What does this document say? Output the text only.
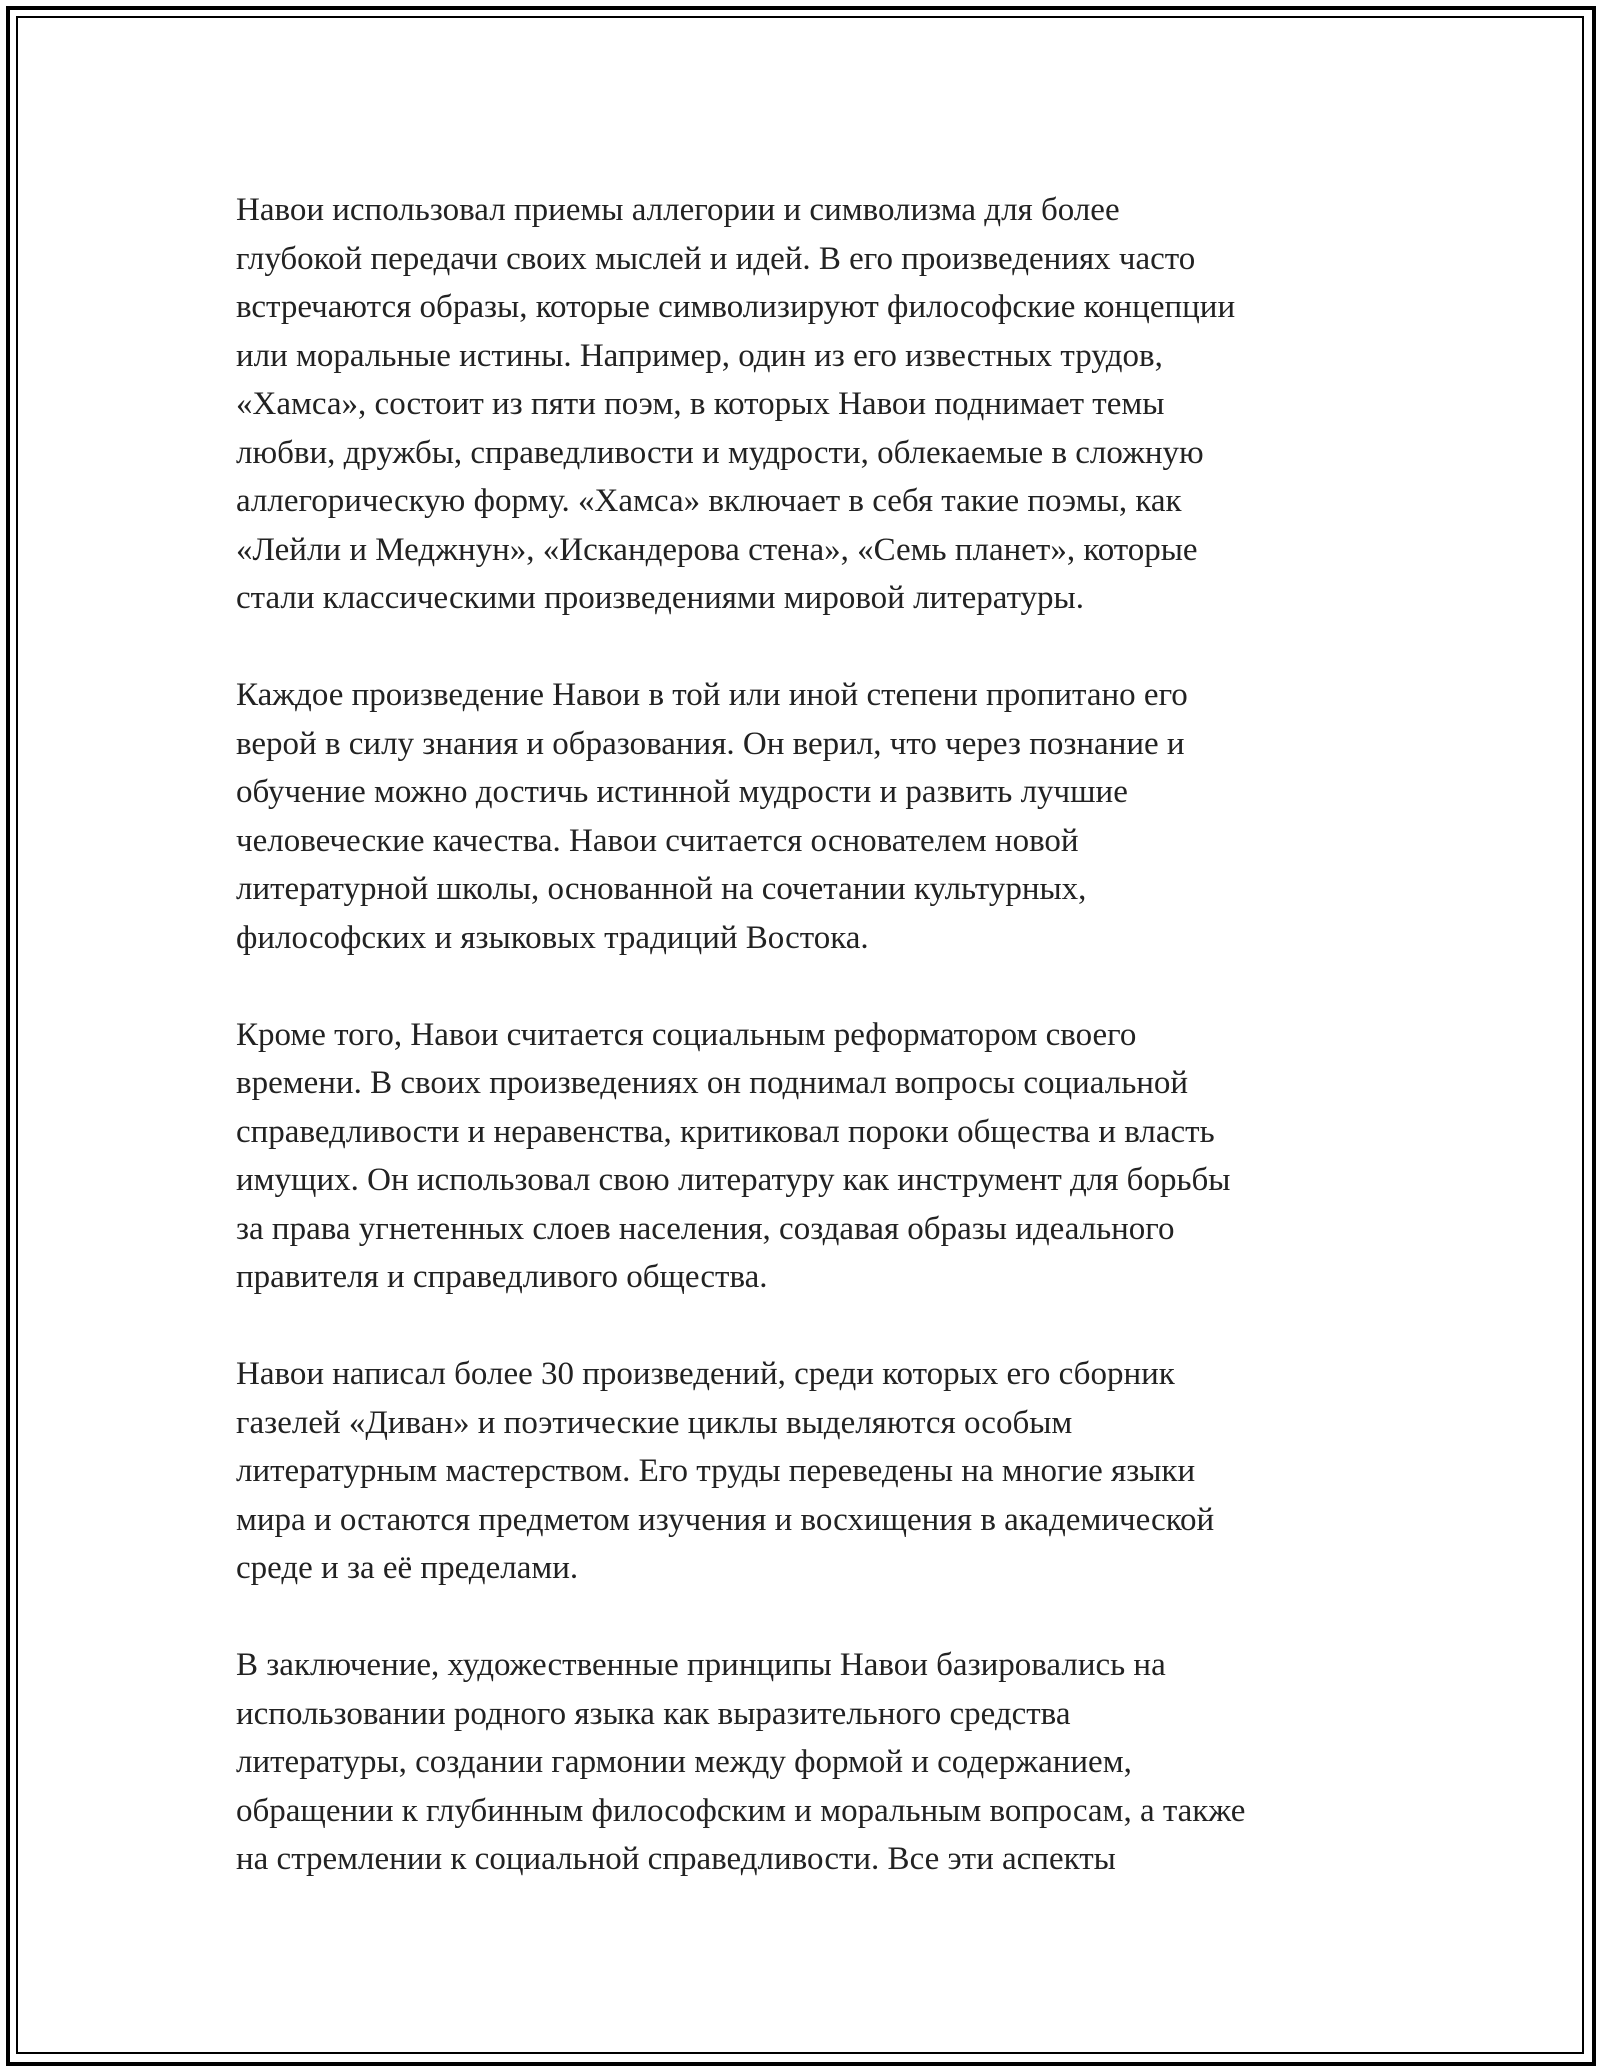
Навои использовал приемы аллегории и символизма для более
глубокой передачи своих мыслей и идей. В его произведениях часто
встречаются образы, которые символизируют философские концепции
или моральные истины. Например, один из его известных трудов,
«Хамса», состоит из пяти поэм, в которых Навои поднимает темы
любви, дружбы, справедливости и мудрости, облекаемые в сложную
аллегорическую форму. «Хамса» включает в себя такие поэмы, как
«Лейли и Меджнун», «Искандерова стена», «Семь планет», которые
стали классическими произведениями мировой литературы.

Каждое произведение Навои в той или иной степени пропитано его
верой в силу знания и образования. Он верил, что через познание и
обучение можно достичь истинной мудрости и развить лучшие
человеческие качества. Навои считается основателем новой
литературной школы, основанной на сочетании культурных,
философских и языковых традиций Востока.

Кроме того, Навои считается социальным реформатором своего
времени. В своих произведениях он поднимал вопросы социальной
справедливости и неравенства, критиковал пороки общества и власть
имущих. Он использовал свою литературу как инструмент для борьбы
за права угнетенных слоев населения, создавая образы идеального
правителя и справедливого общества.

Навои написал более 30 произведений, среди которых его сборник
газелей «Диван» и поэтические циклы выделяются особым
литературным мастерством. Его труды переведены на многие языки
мира и остаются предметом изучения и восхищения в академической
среде и за её пределами.

В заключение, художественные принципы Навои базировались на
использовании родного языка как выразительного средства
литературы, создании гармонии между формой и содержанием,
обращении к глубинным философским и моральным вопросам, а также
на стремлении к социальной справедливости. Все эти аспекты
